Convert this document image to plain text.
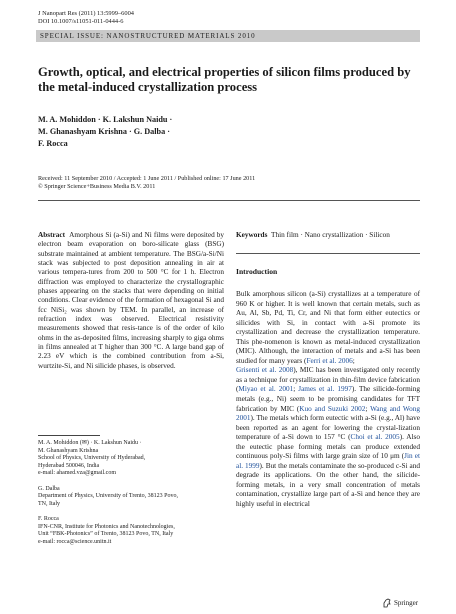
J Nanopart Res (2011) 13:5999–6004
DOI 10.1007/s11051-011-0444-6
SPECIAL ISSUE: NANOSTRUCTURED MATERIALS 2010
Growth, optical, and electrical properties of silicon films produced by the metal-induced crystallization process
M. A. Mohiddon · K. Lakshun Naidu ·
M. Ghanashyam Krishna · G. Dalba ·
F. Rocca
Received: 11 September 2010 / Accepted: 1 June 2011 / Published online: 17 June 2011
© Springer Science+Business Media B.V. 2011
Abstract Amorphous Si (a-Si) and Ni films were deposited by electron beam evaporation on boro-silicate glass (BSG) substrate maintained at ambient temperature. The BSG/a-Si/Ni stack was subjected to post deposition annealing in air at various tempera-tures from 200 to 500 °C for 1 h. Electron diffraction was employed to characterize the crystallographic phases appearing on the stacks that were depending on initial conditions. Clear evidence of the formation of hexagonal Si and fcc NiSi₂ was shown by TEM. In parallel, an increase of refraction index was observed. Electrical resistivity measurements showed that resis-tance is of the order of kilo ohms in the as-deposited films, increasing sharply to giga ohms in films annealed at T higher than 300 °C. A large band gap of 2.23 eV which is the combined contribution from a-Si, wurtzite-Si, and Ni silicide phases, is observed.
Keywords Thin film · Nano crystallization · Silicon
Introduction
Bulk amorphous silicon (a-Si) crystallizes at a temperature of 960 K or higher. It is well known that certain metals, such as Au, Al, Sb, Pd, Ti, Cr, and Ni that form either eutectics or silicides with Si, in contact with a-Si promote its crystallization and decrease the crystallization temperature. This phe-nomenon is known as metal-induced crystallization (MIC). Although, the interaction of metals and a-Si has been studied for many years (Ferri et al. 2006;
Grisenti et al. 2008), MIC has been investigated only recently as a technique for crystallization in thin-film device fabrication (Miyao et al. 2001; James et al. 1997). The silicide-forming metals (e.g., Ni) seem to be promising candidates for TFT fabrication by MIC (Kuo and Suzuki 2002; Wang and Wong 2001). The metals which form eutectic with a-Si (e.g., Al) have been reported as an agent for lowering the crystal-lization temperature of a-Si down to 157 °C (Choi et al. 2005). Also the eutectic phase forming metals can produce extended continuous poly-Si films with large grain size of 10 μm (Jin et al. 1999). But the metals contaminate the so-produced c-Si and degrade its applications. On the other hand, the silicide-forming metals, in a very small concentration of metals contamination, crystallize large part of a-Si and hence they are highly useful in electrical
M. A. Mohiddon (✉) · K. Lakshun Naidu ·
M. Ghanashyam Krishna
School of Physics, University of Hyderabad,
Hyderabad 500046, India
e-mail: ahamed.vza@gmail.com
G. Dalba
Department of Physics, University of Trento, 38123 Povo,
TN, Italy
F. Rocca
IFN-CNR, Institute for Photonics and Nanotechnologies,
Unit “FBK-Photonics” of Trento, 38123 Povo, TN, Italy
e-mail: rocca@science.unitn.it
Springer
